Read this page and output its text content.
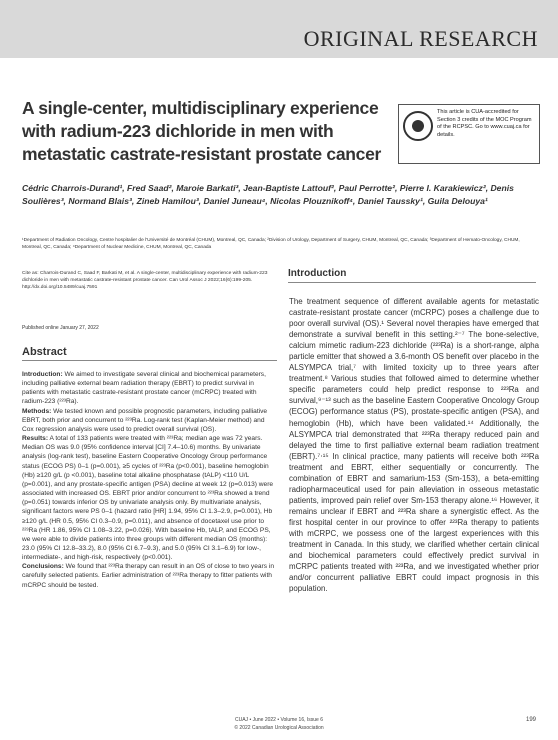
ORIGINAL RESEARCH
A single-center, multidisciplinary experience with radium-223 dichloride in men with metastatic castrate-resistant prostate cancer
This article is CUA-accredited for Section 3 credits of the MOC Program of the RCPSC. Go to www.cuaj.ca for details.
Cédric Charrois-Durand¹, Fred Saad², Maroie Barkati³, Jean-Baptiste Lattouf², Paul Perrotte², Pierre I. Karakiewicz², Denis Soulières³, Normand Blais³, Zineb Hamilou³, Daniel Juneau⁴, Nicolas Plouznikoff⁴, Daniel Taussky¹, Guila Delouya¹
¹Department of Radiation Oncology, Centre hospitalier de l'Université de Montréal (CHUM), Montreal, QC, Canada; ²Division of Urology, Department of Surgery, CHUM, Montreal, QC, Canada; ³Department of Hemato-Oncology, CHUM, Montreal, QC, Canada; ⁴Department of Nuclear Medicine, CHUM, Montreal, QC, Canada
Cite as: Charrois-Durand C, Saad F, Barkati M, et al. A single-center, multidisciplinary experience with radium-223 dichloride in men with metastatic castrate-resistant prostate cancer. Can Urol Assoc J 2022;16(6):199-205. http://dx.doi.org/10.5489/cuaj.7591
Published online January 27, 2022
Abstract

Introduction: We aimed to investigate several clinical and biochemical parameters, including palliative external beam radiation therapy (EBRT) to predict survival in patients with metastatic castrate-resistant prostate cancer (mCRPC) treated with radium-223 (²²³Ra).

Methods: We tested known and possible prognostic parameters, including palliative EBRT, both prior and concurrent to ²²³Ra. Log-rank test (Kaplan-Meier method) and Cox regression analysis were used to predict overall survival (OS).

Results: A total of 133 patients were treated with ²²³Ra; median age was 72 years. Median OS was 9.0 (95% confidence interval [CI] 7.4–10.6) months. By univariate analysis (log-rank test), baseline Eastern Cooperative Oncology Group performance status (ECOG PS) 0–1 (p=0.001), ≥5 cycles of ²²³Ra (p<0.001), baseline hemoglobin (Hb) ≥120 g/L (p <0.001), baseline total alkaline phosphatase (tALP) <110 U/L (p=0.001), and any prostate-specific antigen (PSA) decline at week 12 (p=0.013) were associated with increased OS. EBRT prior and/or concurrent to ²²³Ra showed a trend (p=0.051) towards inferior OS by univariate analysis only. By multivariate analysis, significant factors were PS 0–1 (hazard ratio [HR] 1.94, 95% CI 1.3–2.9, p=0.001), Hb ≥120 g/L (HR 0.5, 95% CI 0.3–0.9, p=0.011), and absence of docetaxel use prior to ²²³Ra (HR 1.86, 95% CI 1.08–3.22, p=0.026). With baseline Hb, tALP, and ECOG PS, we were able to divide patients into three groups with different median OS (months): 23.0 (95% CI 12.8–33.2), 8.0 (95% CI 6.7–9.3), and 5.0 (95% CI 3.1–6.9) for low-, intermediate-, and high-risk, respectively (p<0.001).

Conclusions: We found that ²²³Ra therapy can result in an OS of close to two years in carefully selected patients. Earlier administration of ²²³Ra therapy to fitter patients with mCRPC should be tested.

Introduction
The treatment sequence of different available agents for metastatic castrate-resistant prostate cancer (mCRPC) poses a challenge due to poor overall survival (OS).¹ Several novel therapies have emerged that demonstrate a survival benefit in this setting.²⁻⁷ The bone-selective, calcium mimetic radium-223 dichloride (²²³Ra) is a short-range, alpha particle emitter that showed a 3.6-month OS benefit over placebo in the ALSYMPCA trial,⁷ with limited toxicity up to three years after treatment.⁸ Various studies that followed aimed to determine whether specific parameters could help predict response to ²²³Ra and survival,⁹⁻¹³ such as the baseline Eastern Cooperative Oncology Group (ECOG) performance status (PS), prostate-specific antigen (PSA), and hemoglobin (Hb), which have been validated.¹⁴ Additionally, the ALSYMPCA trial demonstrated that ²²³Ra therapy reduced pain and delayed the time to first palliative external beam radiation treatment (EBRT).⁷⋅¹⁵ In clinical practice, many patients will receive both ²²³Ra treatment and EBRT, either sequentially or concurrently. The combination of EBRT and samarium-153 (Sm-153), a beta-emitting radiopharmaceutical used for pain alleviation in osseous metastatic patients, improved pain relief over Sm-153 therapy alone.¹⁶ However, it remains unclear if EBRT and ²²³Ra share a synergistic effect. As the first hospital center in our province to offer ²²³Ra therapy to patients with mCRPC, we possess one of the largest experiences with this treatment in Canada. In this study, we clarified whether certain clinical and biochemical parameters could effectively predict survival in mCRPC patients treated with ²²³Ra, and we investigated whether prior and/or concurrent palliative EBRT could impact prognosis in this population.
CUAJ • June 2022 • Volume 16, Issue 6
© 2022 Canadian Urological Association
199
